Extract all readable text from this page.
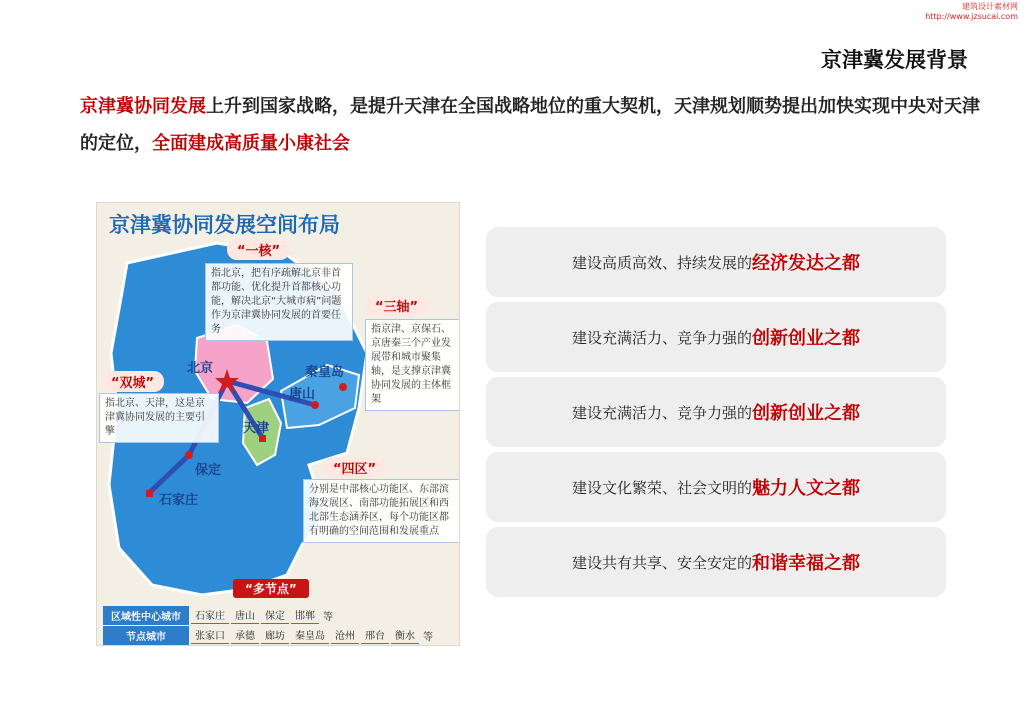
建筑设计素材网
http://www.jzsucai.com
京津冀发展背景
京津冀协同发展上升到国家战略，是提升天津在全国战略地位的重大契机，天津规划顺势提出加快实现中央对天津的定位，全面建成高质量小康社会
京津冀协同发展空间布局
“一核”
指北京，把有序疏解北京非首都功能、优化提升首都核心功能，解决北京“大城市病”问题作为京津冀协同发展的首要任务
“三轴”
指京津、京保石、京唐秦三个产业发展带和城市聚集轴，是支撑京津冀协同发展的主体框架
“双城”
指北京、天津，这是京津冀协同发展的主要引擎
“四区”
分别是中部核心功能区、东部滨海发展区、南部功能拓展区和西北部生态涵养区，每个功能区都有明确的空间范围和发展重点
北京
天津
保定
石家庄
唐山
秦皇岛
“多节点”
区域性中心城市	石家庄	唐山	保定	邯郸 等
节点城市	张家口	承德	廊坊	秦皇岛	沧州	邢台	衡水 等
建设高质高效、持续发展的 经济发达之都
建设充满活力、竞争力强的 创新创业之都
建设充满活力、竞争力强的 创新创业之都
建设文化繁荣、社会文明的 魅力人文之都
建设共有共享、安全安定的 和谐幸福之都
